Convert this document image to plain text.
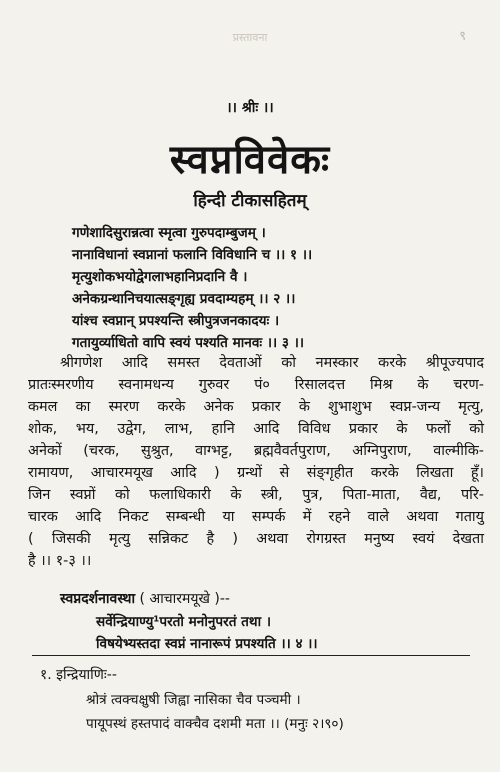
प्रस्तावना	९
।। श्रीः ।।
स्वप्नविवेकः
हिन्दी टीकासहितम्
गणेशादिसुरान्नत्वा स्मृत्वा गुरुपदाम्बुजम् ।
नानाविधानां स्वप्नानां फलानि विविधानि च ।। १ ।।
मृत्युशोकभयोद्वेगलाभहानिप्रदानि वै ।
अनेकग्रन्थानिचयात्सङ्गृह्य प्रवदाम्यहम् ।। २ ।।
यांश्च स्वप्नान् प्रपश्यन्ति स्त्रीपुत्रजनकादयः ।
गतायुर्व्याधितो वापि स्वयं पश्यति मानवः ।। ३ ।।
श्रीगणेश आदि समस्त देवताओं को नमस्कार करके श्रीपूज्यपाद
प्रातःस्मरणीय स्वनामधन्य गुरुवर पं० रिसालदत्त मिश्र के चरण-
कमल का स्मरण करके अनेक प्रकार के शुभाशुभ स्वप्न-जन्य मृत्यु,
शोक, भय, उद्वेग, लाभ, हानि आदि विविध प्रकार के फलों को
अनेकों (चरक, सुश्रुत, वाग्भट्ट, ब्रह्मवैवर्तपुराण, अग्निपुराण, वाल्मीकि-
रामायण, आचारमयूख आदि ) ग्रन्थों से संङ्गृहीत करके लिखता हूँ।
जिन स्वप्नों को फलाधिकारी के स्त्री, पुत्र, पिता-माता, वैद्य, परि-
चारक आदि निकट सम्बन्धी या सम्पर्क में रहने वाले अथवा गतायु
( जिसकी मृत्यु सन्निकट है ) अथवा रोगग्रस्त मनुष्य स्वयं देखता
है ।। १-३ ।।
स्वप्नदर्शनावस्था ( आचारमयूखे )--
सर्वेन्द्रियाण्यु¹परतो मनोनुपरतं तथा ।
विषयेभ्यस्तदा स्वप्नं नानारूपं प्रपश्यति ।। ४ ।।
१. इन्द्रियाणिः--
श्रोत्रं त्वक्चक्षुषी जिह्वा नासिका चैव पञ्चमी ।
पायूपस्थं हस्तपादं वाक्चैव दशमी मता ।। (मनुः २।९०)
